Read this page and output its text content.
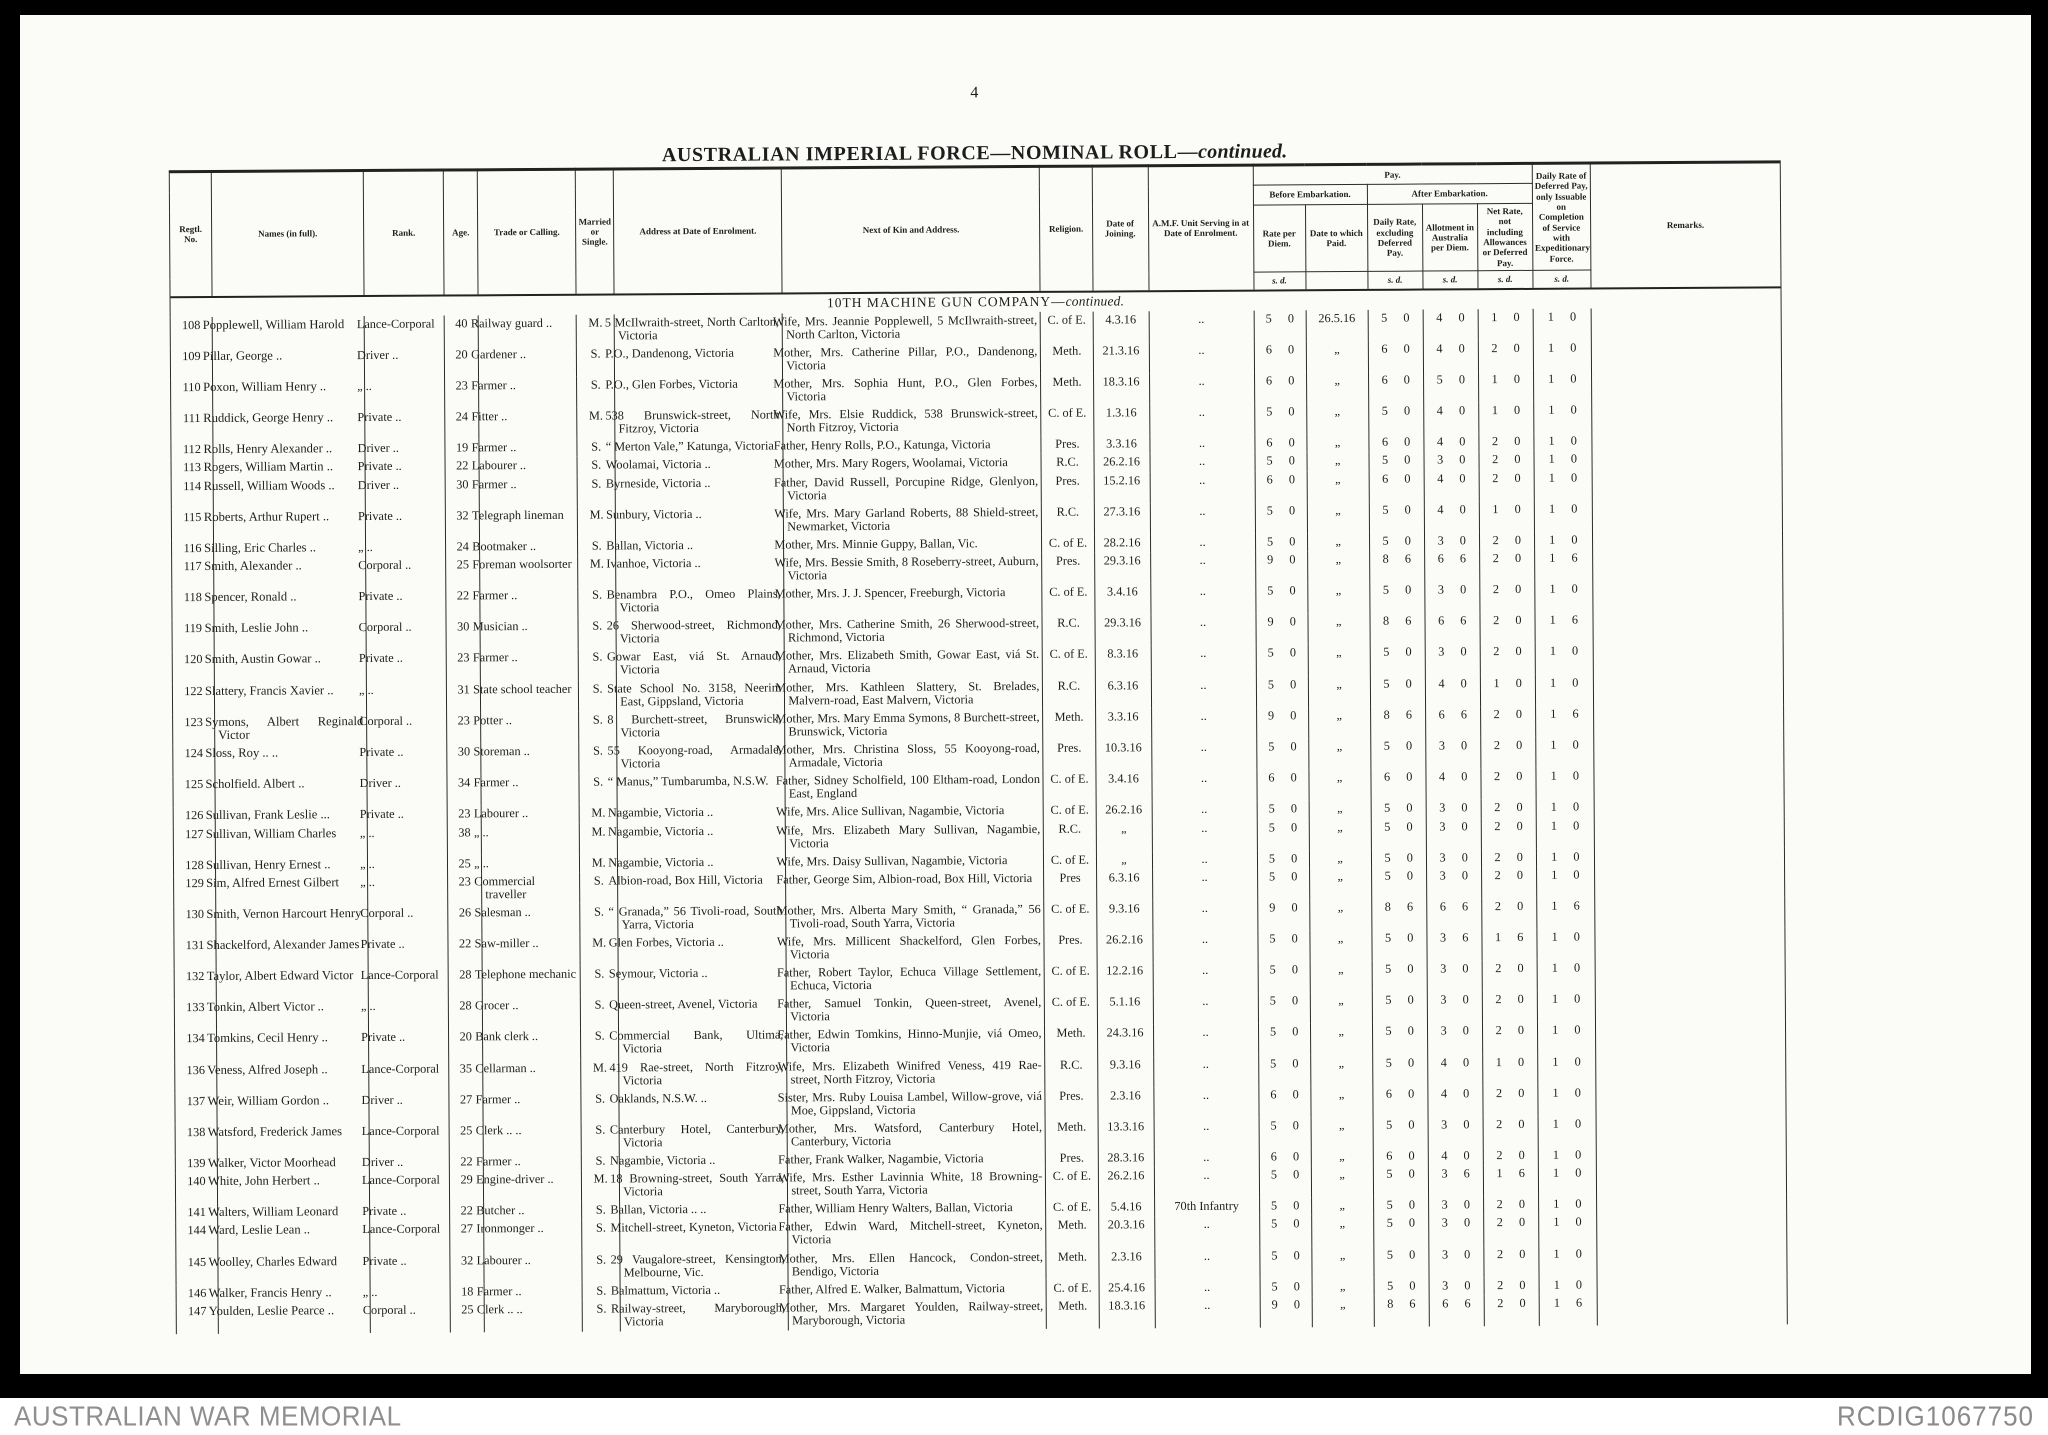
4
AUSTRALIAN IMPERIAL FORCE—NOMINAL ROLL—continued.
Regtl. No.	Names (in full).	Rank.	Age.	Trade or Calling.	Married or Single.	Address at Date of Enrolment.	Next of Kin and Address.	Religion.	Date of Joining.	A.M.F. Unit Serving in at Date of Enrolment.	Pay.					Daily Rate of Deferred Pay, only Issuable on Completion of Service with Expeditionary Force.	Remarks.
											Before Embarkation.		After Embarkation.				
											Rate per Diem.	Date to which Paid.	Daily Rate, excluding Deferred Pay.	Allotment in Australia per Diem.	Net Rate, not including Allowances or Deferred Pay.		
											s. d.		s. d.	s. d.	s. d.	s. d.	
10TH MACHINE GUN COMPANY—continued.																	
108	Popplewell, William Harold	Lance-Corporal	40	Railway guard ..	M.	5 McIlwraith-street, North Carlton, Victoria	Wife, Mrs. Jeannie Popplewell, 5 McIlwraith-street, North Carlton, Victoria	C. of E.	4.3.16	..	5 0	26.5.16	5 0	4 0	1 0	1 0	
109	Pillar, George ..	Driver ..	20	Gardener ..	S.	P.O., Dandenong, Victoria	Mother, Mrs. Catherine Pillar, P.O., Dandenong, Victoria	Meth.	21.3.16	..	6 0	„	6 0	4 0	2 0	1 0	
110	Poxon, William Henry ..	„ ..	23	Farmer ..	S.	P.O., Glen Forbes, Victoria	Mother, Mrs. Sophia Hunt, P.O., Glen Forbes, Victoria	Meth.	18.3.16	..	6 0	„	6 0	5 0	1 0	1 0	
111	Ruddick, George Henry ..	Private ..	24	Fitter ..	M.	538 Brunswick-street, North Fitzroy, Victoria	Wife, Mrs. Elsie Ruddick, 538 Brunswick-street, North Fitzroy, Victoria	C. of E.	1.3.16	..	5 0	„	5 0	4 0	1 0	1 0	
112	Rolls, Henry Alexander ..	Driver ..	19	Farmer ..	S.	“ Merton Vale,” Katunga, Victoria	Father, Henry Rolls, P.O., Katunga, Victoria	Pres.	3.3.16	..	6 0	„	6 0	4 0	2 0	1 0	
113	Rogers, William Martin ..	Private ..	22	Labourer ..	S.	Woolamai, Victoria ..	Mother, Mrs. Mary Rogers, Woolamai, Victoria	R.C.	26.2.16	..	5 0	„	5 0	3 0	2 0	1 0	
114	Russell, William Woods ..	Driver ..	30	Farmer ..	S.	Byrneside, Victoria ..	Father, David Russell, Porcupine Ridge, Glenlyon, Victoria	Pres.	15.2.16	..	6 0	„	6 0	4 0	2 0	1 0	
115	Roberts, Arthur Rupert ..	Private ..	32	Telegraph lineman	M.	Sunbury, Victoria ..	Wife, Mrs. Mary Garland Roberts, 88 Shield-street, Newmarket, Victoria	R.C.	27.3.16	..	5 0	„	5 0	4 0	1 0	1 0	
116	Silling, Eric Charles ..	„ ..	24	Bootmaker ..	S.	Ballan, Victoria ..	Mother, Mrs. Minnie Guppy, Ballan, Vic.	C. of E.	28.2.16	..	5 0	„	5 0	3 0	2 0	1 0	
117	Smith, Alexander ..	Corporal ..	25	Foreman woolsorter	M.	Ivanhoe, Victoria ..	Wife, Mrs. Bessie Smith, 8 Roseberry-street, Auburn, Victoria	Pres.	29.3.16	..	9 0	„	8 6	6 6	2 0	1 6	
118	Spencer, Ronald ..	Private ..	22	Farmer ..	S.	Benambra P.O., Omeo Plains, Victoria	Mother, Mrs. J. J. Spencer, Freeburgh, Victoria	C. of E.	3.4.16	..	5 0	„	5 0	3 0	2 0	1 0	
119	Smith, Leslie John ..	Corporal ..	30	Musician ..	S.	26 Sherwood-street, Richmond, Victoria	Mother, Mrs. Catherine Smith, 26 Sherwood-street, Richmond, Victoria	R.C.	29.3.16	..	9 0	„	8 6	6 6	2 0	1 6	
120	Smith, Austin Gowar ..	Private ..	23	Farmer ..	S.	Gowar East, viá St. Arnaud, Victoria	Mother, Mrs. Elizabeth Smith, Gowar East, viá St. Arnaud, Victoria	C. of E.	8.3.16	..	5 0	„	5 0	3 0	2 0	1 0	
122	Slattery, Francis Xavier ..	„ ..	31	State school teacher	S.	State School No. 3158, Neerim East, Gippsland, Victoria	Mother, Mrs. Kathleen Slattery, St. Brelades, Malvern-road, East Malvern, Victoria	R.C.	6.3.16	..	5 0	„	5 0	4 0	1 0	1 0	
123	Symons, Albert Reginald Victor	Corporal ..	23	Potter ..	S.	8 Burchett-street, Brunswick, Victoria	Mother, Mrs. Mary Emma Symons, 8 Burchett-street, Brunswick, Victoria	Meth.	3.3.16	..	9 0	„	8 6	6 6	2 0	1 6	
124	Sloss, Roy .. ..	Private ..	30	Storeman ..	S.	55 Kooyong-road, Armadale, Victoria	Mother, Mrs. Christina Sloss, 55 Kooyong-road, Armadale, Victoria	Pres.	10.3.16	..	5 0	„	5 0	3 0	2 0	1 0	
125	Scholfield. Albert ..	Driver ..	34	Farmer ..	S.	“ Manus,” Tumbarumba, N.S.W.	Father, Sidney Scholfield, 100 Eltham-road, London East, England	C. of E.	3.4.16	..	6 0	„	6 0	4 0	2 0	1 0	
126	Sullivan, Frank Leslie ...	Private ..	23	Labourer ..	M.	Nagambie, Victoria ..	Wife, Mrs. Alice Sullivan, Nagambie, Victoria	C. of E.	26.2.16	..	5 0	„	5 0	3 0	2 0	1 0	
127	Sullivan, William Charles	„ ..	38	„ ..	M.	Nagambie, Victoria ..	Wife, Mrs. Elizabeth Mary Sullivan, Nagambie, Victoria	R.C.	„	..	5 0	„	5 0	3 0	2 0	1 0	
128	Sullivan, Henry Ernest ..	„ ..	25	„ ..	M.	Nagambie, Victoria ..	Wife, Mrs. Daisy Sullivan, Nagambie, Victoria	C. of E.	„	..	5 0	„	5 0	3 0	2 0	1 0	
129	Sim, Alfred Ernest Gilbert	„ ..	23	Commercial traveller	S.	Albion-road, Box Hill, Victoria	Father, George Sim, Albion-road, Box Hill, Victoria	Pres	6.3.16	..	5 0	„	5 0	3 0	2 0	1 0	
130	Smith, Vernon Harcourt Henry	Corporal ..	26	Salesman ..	S.	“ Granada,” 56 Tivoli-road, South Yarra, Victoria	Mother, Mrs. Alberta Mary Smith, “ Granada,” 56 Tivoli-road, South Yarra, Victoria	C. of E.	9.3.16	..	9 0	„	8 6	6 6	2 0	1 6	
131	Shackelford, Alexander James	Private ..	22	Saw-miller ..	M.	Glen Forbes, Victoria ..	Wife, Mrs. Millicent Shackelford, Glen Forbes, Victoria	Pres.	26.2.16	..	5 0	„	5 0	3 6	1 6	1 0	
132	Taylor, Albert Edward Victor	Lance-Corporal	28	Telephone mechanic	S.	Seymour, Victoria ..	Father, Robert Taylor, Echuca Village Settlement, Echuca, Victoria	C. of E.	12.2.16	..	5 0	„	5 0	3 0	2 0	1 0	
133	Tonkin, Albert Victor ..	„ ..	28	Grocer ..	S.	Queen-street, Avenel, Victoria	Father, Samuel Tonkin, Queen-street, Avenel, Victoria	C. of E.	5.1.16	..	5 0	„	5 0	3 0	2 0	1 0	
134	Tomkins, Cecil Henry ..	Private ..	20	Bank clerk ..	S.	Commercial Bank, Ultima, Victoria	Father, Edwin Tomkins, Hinno-Munjie, viá Omeo, Victoria	Meth.	24.3.16	..	5 0	„	5 0	3 0	2 0	1 0	
136	Veness, Alfred Joseph ..	Lance-Corporal	35	Cellarman ..	M.	419 Rae-street, North Fitzroy, Victoria	Wife, Mrs. Elizabeth Winifred Veness, 419 Rae-street, North Fitzroy, Victoria	R.C.	9.3.16	..	5 0	„	5 0	4 0	1 0	1 0	
137	Weir, William Gordon ..	Driver ..	27	Farmer ..	S.	Oaklands, N.S.W. ..	Sister, Mrs. Ruby Louisa Lambel, Willow-grove, viá Moe, Gippsland, Victoria	Pres.	2.3.16	..	6 0	„	6 0	4 0	2 0	1 0	
138	Watsford, Frederick James	Lance-Corporal	25	Clerk .. ..	S.	Canterbury Hotel, Canterbury, Victoria	Mother, Mrs. Watsford, Canterbury Hotel, Canterbury, Victoria	Meth.	13.3.16	..	5 0	„	5 0	3 0	2 0	1 0	
139	Walker, Victor Moorhead	Driver ..	22	Farmer ..	S.	Nagambie, Victoria ..	Father, Frank Walker, Nagambie, Victoria	Pres.	28.3.16	..	6 0	„	6 0	4 0	2 0	1 0	
140	White, John Herbert ..	Lance-Corporal	29	Engine-driver ..	M.	18 Browning-street, South Yarra, Victoria	Wife, Mrs. Esther Lavinnia White, 18 Browning-street, South Yarra, Victoria	C. of E.	26.2.16	..	5 0	„	5 0	3 6	1 6	1 0	
141	Walters, William Leonard	Private ..	22	Butcher ..	S.	Ballan, Victoria .. ..	Father, William Henry Walters, Ballan, Victoria	C. of E.	5.4.16	70th Infantry	5 0	„	5 0	3 0	2 0	1 0	
144	Ward, Leslie Lean ..	Lance-Corporal	27	Ironmonger ..	S.	Mitchell-street, Kyneton, Victoria	Father, Edwin Ward, Mitchell-street, Kyneton, Victoria	Meth.	20.3.16	..	5 0	„	5 0	3 0	2 0	1 0	
145	Woolley, Charles Edward	Private ..	32	Labourer ..	S.	29 Vaugalore-street, Kensington, Melbourne, Vic.	Mother, Mrs. Ellen Hancock, Condon-street, Bendigo, Victoria	Meth.	2.3.16	..	5 0	„	5 0	3 0	2 0	1 0	
146	Walker, Francis Henry ..	„ ..	18	Farmer ..	S.	Balmattum, Victoria ..	Father, Alfred E. Walker, Balmattum, Victoria	C. of E.	25.4.16	..	5 0	„	5 0	3 0	2 0	1 0	
147	Youlden, Leslie Pearce ..	Corporal ..	25	Clerk .. ..	S.	Railway-street, Maryborough, Victoria	Mother, Mrs. Margaret Youlden, Railway-street, Maryborough, Victoria	Meth.	18.3.16	..	9 0	„	8 6	6 6	2 0	1 6	
AUSTRALIAN WAR MEMORIAL	RCDIG1067750
